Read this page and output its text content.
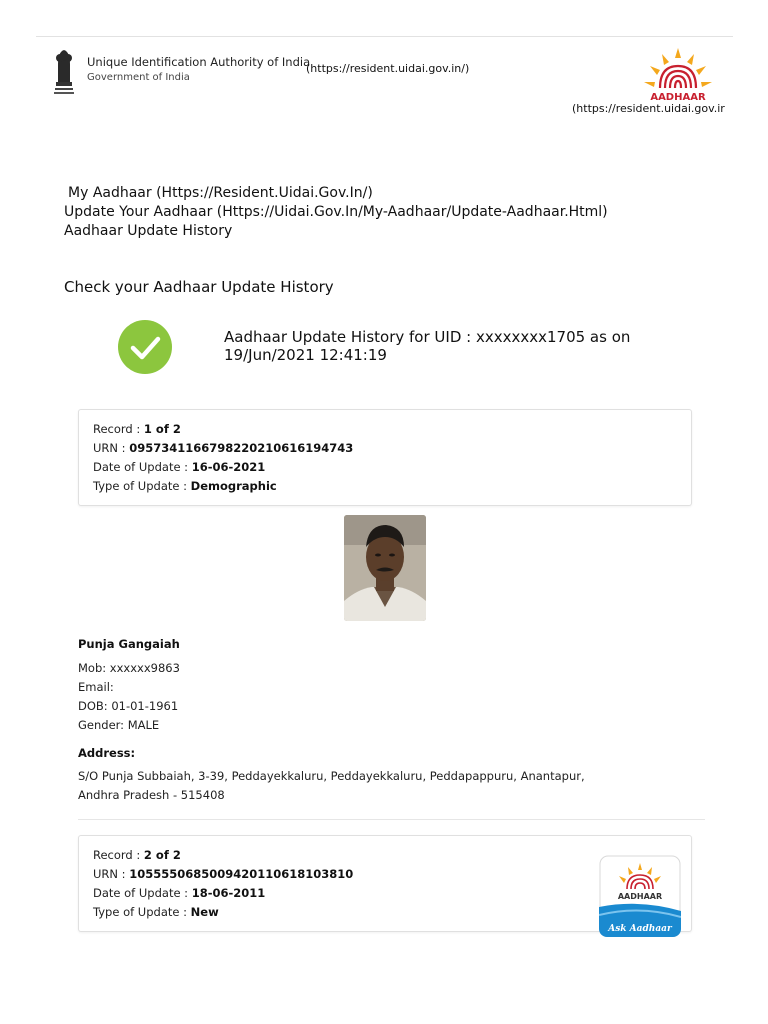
Unique Identification Authority of India
Government of India
(https://resident.uidai.gov.in/)
AADHAAR
(https://resident.uidai.gov.ir
My Aadhaar (Https://Resident.Uidai.Gov.In/)
Update Your Aadhaar (Https://Uidai.Gov.In/My-Aadhaar/Update-Aadhaar.Html)
Aadhaar Update History
Check your Aadhaar Update History
Aadhaar Update History for UID : xxxxxxxx1705 as on 19/Jun/2021 12:41:19
Record : 1 of 2
URN : 0957341166798220210616194743
Date of Update : 16-06-2021
Type of Update : Demographic
Punja Gangaiah
Mob: xxxxxx9863
Email:
DOB: 01-01-1961
Gender: MALE
Address:
S/O Punja Subbaiah, 3-39, Peddayekkaluru, Peddayekkaluru, Peddapappuru, Anantapur,
Andhra Pradesh - 515408
Record : 2 of 2
URN : 1055550685009420110618103810
Date of Update : 18-06-2011
Type of Update : New
AADHAAR
Ask Aadhaar
